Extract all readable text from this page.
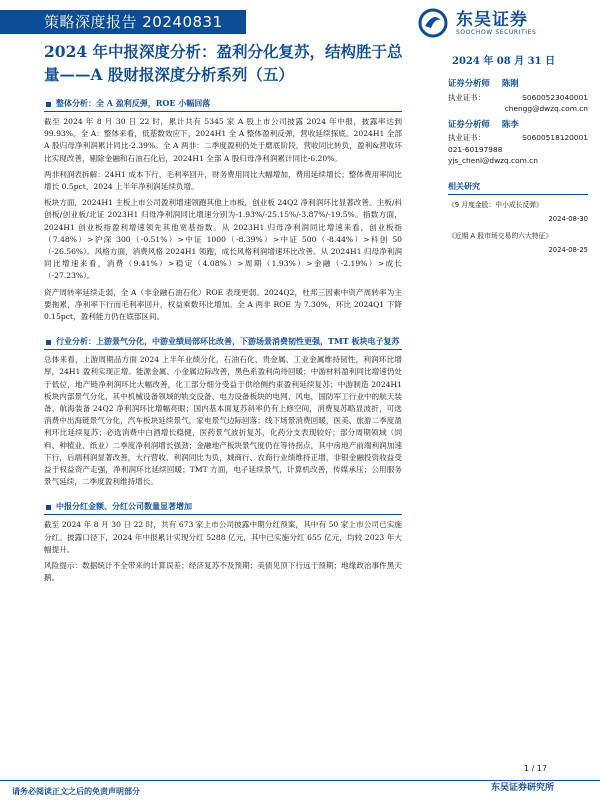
策略深度报告 20240831	东吴证券
SOOCHOW SECURITIES
2024 年中报深度分析：盈利分化复苏，结构胜于总量——A 股财报深度分析系列（五）
2024 年 08 月 31 日
整体分析：全 A 盈利反弹，ROE 小幅回落

截至 2024 年 8 月 30 日 22 时，累计共有 5345 家 A 股上市公司披露 2024 年中报，披露率达到 99.93%。全 A：整体来看，低基数效应下，2024H1 全 A 整体盈利反弹，营收延续探底。2024H1 全部 A 股归母净利润累计同比-2.39%。全 A 两非：二季度盈利仍处于磨底阶段，营收同比转负，盈利&营收环比实现改善，剔除金融和石油石化后，2024H1 全部 A 股归母净利润累计同比-6.20%。

两非利润表拆解：24H1 成本下行、毛利率回升，财务费用同比大幅增加，费用延续增长；整体费用率同比增长 0.5pct，2024 上半年净利润延续负增。

板块方面，2024H1 主板上市公司盈利增速领跑其他上市板，创业板 24Q2 净利润环比显著改善。主板/科创板/创业板/北证 2023H1 归母净利润同比增速分别为-1.93%/-25.15%/-3.87%/-19.5%。指数方面，2024H1 创业板指盈利增速领先其他宽基指数。从 2023H1 归母净利润同比增速来看，创业板指（7.48%）>沪深 300（-0.51%）>中证 1000（-8.39%）>中证 500（-8.44%）>科创 50（-26.56%）。风格方面，消费风格 2024H1 领跑，成长风格利润增速环比改善。从 2024H1 归母净利润同比增速来看，消费（9.41%）>稳定（4.08%）>周期（1.93%）>金融（-2.19%）>成长（-27.23%）。

资产周转率延续走弱，全 A（非金融石油石化）ROE 表现更弱。2024Q2，杜邦三因素中资产周转率为主要拖累，净利率下行而毛利率回升，权益乘数环比增加。全 A 两非 ROE 为 7.30%，环比 2024Q1 下降 0.15pct，盈利能力仍在底部区间。

行业分析：上游景气分化，中游业绩局部环比改善，下游场景消费韧性更强，TMT 板块电子复苏

总体来看，上游周期品方面 2024 上半年业绩分化，石油石化、贵金属、工业金属维持韧性，利润环比增厚，24H1 盈利实现正增。能源金属、小金属边际改善，黑色系盈利尚待回暖；中游材料盈利同比增速仍处于低位，地产链净利润环比大幅改善，化工部分细分受益于供给侧约束盈利延续复苏；中游制造 2024H1 板块内部景气分化，其中机械设备领域的轨交设备、电力设备板块的电网、风电，国防军工行业中的航天装备、航海装备 24Q2 净利润环比增幅亮眼；国内基本面复苏斜率仍有上修空间，消费复苏略显波折，可选消费中出海链景气分化，汽车板块延续景气，家电景气边际回落；线下场景消费回暖，医美、旅游二季度盈利环比延续复苏；必选消费中白酒增长稳健，医药景气波折复苏，化药分支表现较好；部分周期领域（饲料、种植业、纸业）二季度净利润增长强劲；金融地产板块景气度仍在等待拐点，其中房地产前端利润加速下行，后端利润显著改善，大行营收、利润同比为负，城商行、农商行业绩维持正增，非银金融投资收益受益于权益资产走强，净利润环比延续回暖；TMT 方面，电子延续景气，计算机改善，传媒承压；公用服务景气延续，二季度盈利维持增长。

中报分红金额、分红公司数量显著增加

截至 2024 年 8 月 30 日 22 时，共有 673 家上市公司披露中期分红预案，其中有 50 家上市公司已实施分红。披露口径下，2024 年中报累计实现分红 5288 亿元，其中已实施分红 655 亿元，均较 2023 年大幅提升。

风险提示：数据统计不全带来的计算误差；经济复苏不及预期；美债见顶下行远于预期；地缘政治事件黑天鹅。

证券分析师 陈刚
执业证书：	S0600523040001
chengg@dwzq.com.cn
证券分析师 陈李
执业证书：	S0600518120001
021-60197988
yjs_chenl@dwzq.com.cn
相关研究
《9 月度金股：中小成长反弹》
2024-08-30
《近期 A 股市场交易的六大特征》
2024-08-25
1 / 17
请务必阅读正文之后的免责声明部分	东吴证券研究所
